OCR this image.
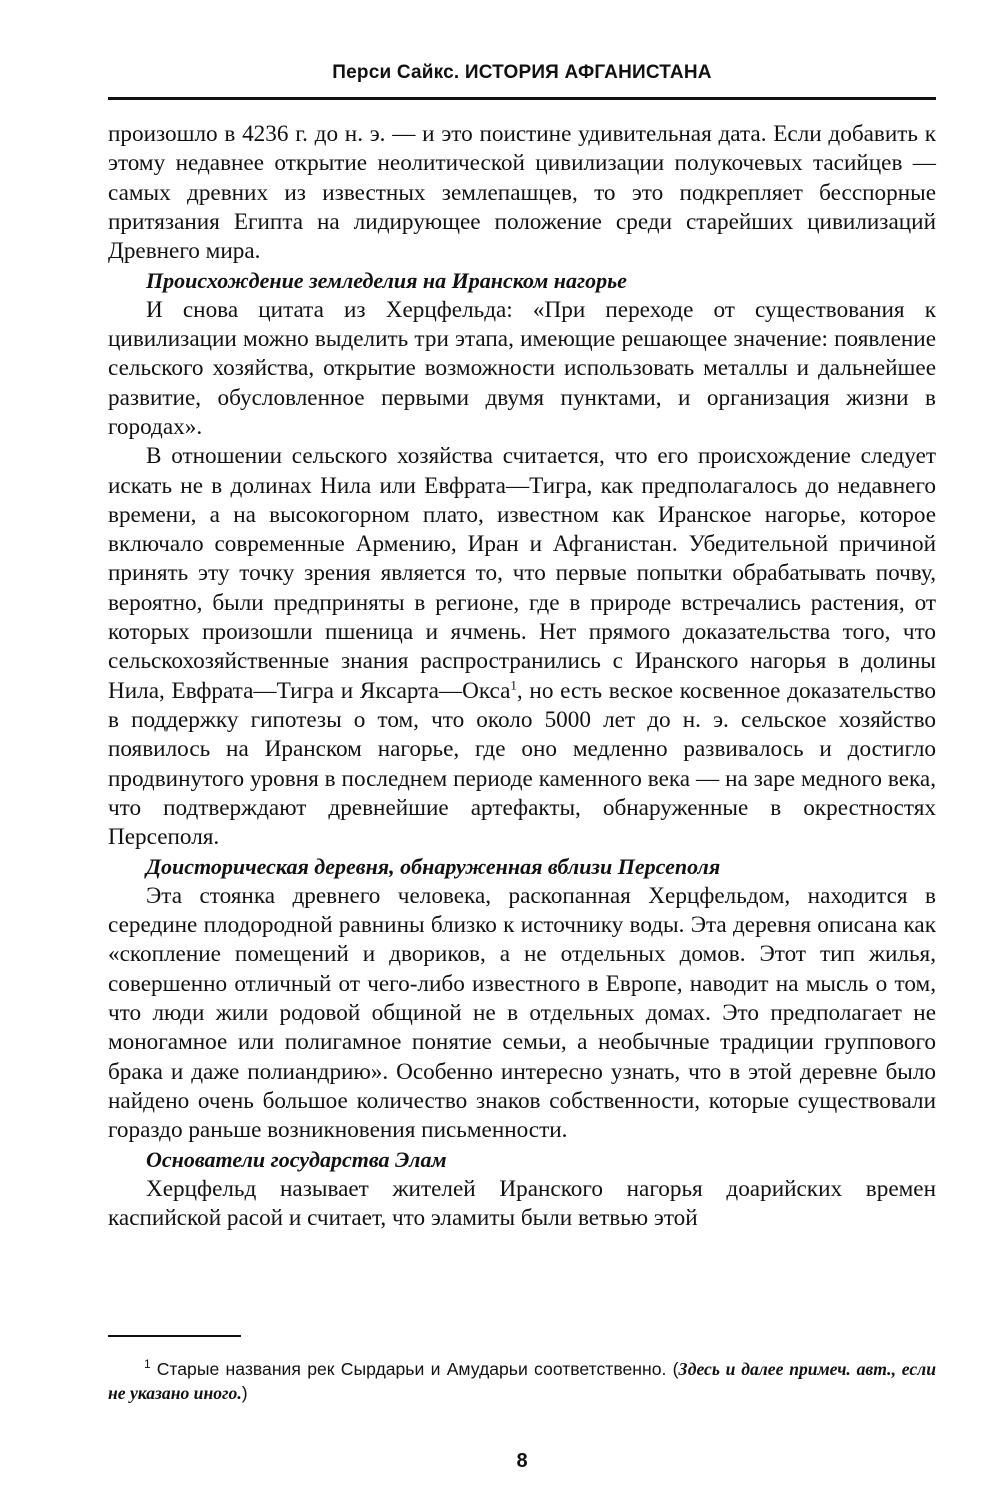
Перси Сайкс. ИСТОРИЯ АФГАНИСТАНА

произошло в 4236 г. до н. э. — и это поистине удивительная дата. Если добавить к этому недавнее открытие неолитической цивилизации полукочевых тасийцев — самых древних из известных землепашцев, то это подкрепляет бесспорные притязания Египта на лидирующее положение среди старейших цивилизаций Древнего мира.

Происхождение земледелия на Иранском нагорье

И снова цитата из Херцфельда: «При переходе от существования к цивилизации можно выделить три этапа, имеющие решающее значение: появление сельского хозяйства, открытие возможности использовать металлы и дальнейшее развитие, обусловленное первыми двумя пунктами, и организация жизни в городах».

В отношении сельского хозяйства считается, что его происхождение следует искать не в долинах Нила или Евфрата—Тигра, как предполагалось до недавнего времени, а на высокогорном плато, известном как Иранское нагорье, которое включало современные Армению, Иран и Афганистан. Убедительной причиной принять эту точку зрения является то, что первые попытки обрабатывать почву, вероятно, были предприняты в регионе, где в природе встречались растения, от которых произошли пшеница и ячмень. Нет прямого доказательства того, что сельскохозяйственные знания распространились с Иранского нагорья в долины Нила, Евфрата—Тигра и Яксарта—Окса$^1$, но есть веское косвенное доказательство в поддержку гипотезы о том, что около 5000 лет до н. э. сельское хозяйство появилось на Иранском нагорье, где оно медленно развивалось и достигло продвинутого уровня в последнем периоде каменного века — на заре медного века, что подтверждают древнейшие артефакты, обнаруженные в окрестностях Персеполя.

Доисторическая деревня, обнаруженная вблизи Персеполя

Эта стоянка древнего человека, раскопанная Херцфельдом, находится в середине плодородной равнины близко к источнику воды. Эта деревня описана как «скопление помещений и двориков, а не отдельных домов. Этот тип жилья, совершенно отличный от чего-либо известного в Европе, наводит на мысль о том, что люди жили родовой общиной не в отдельных домах. Это предполагает не моногамное или полигамное понятие семьи, а необычные традиции группового брака и даже полиандрию». Особенно интересно узнать, что в этой деревне было найдено очень большое количество знаков собственности, которые существовали гораздо раньше возникновения письменности.

Основатели государства Элам

Херцфельд называет жителей Иранского нагорья доарийских времен каспийской расой и считает, что эламиты были ветвью этой

$^1$ Старые названия рек Сырдарьи и Амударьи соответственно. (Здесь и далее примеч. авт., если не указано иного.)
8
